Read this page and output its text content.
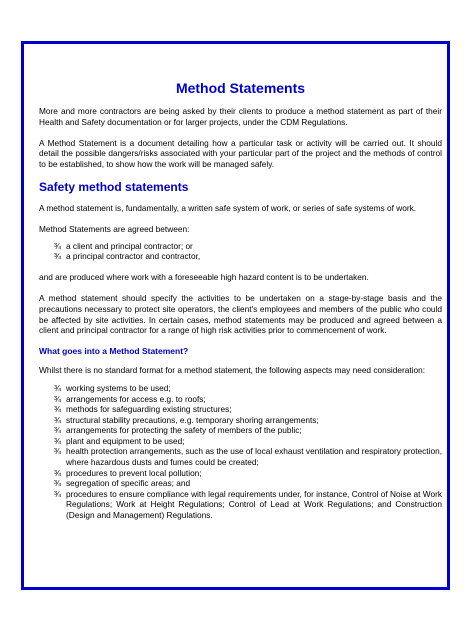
Method Statements

More and more contractors are being asked by their clients to produce a method statement as part of their Health and Safety documentation or for larger projects, under the CDM Regulations.

A Method Statement is a document detailing how a particular task or activity will be carried out. It should detail the possible dangers/risks associated with your particular part of the project and the methods of control to be established, to show how the work will be managed safely.

Safety method statements

A method statement is, fundamentally, a written safe system of work, or series of safe systems of work.

Method Statements are agreed between:

¾ a client and principal contractor; or
¾ a principal contractor and contractor,

and are produced where work with a foreseeable high hazard content is to be undertaken.

A method statement should specify the activities to be undertaken on a stage-by-stage basis and the precautions necessary to protect site operators, the client's employees and members of the public who could be affected by site activities. In certain cases, method statements may be produced and agreed between a client and principal contractor for a range of high risk activities prior to commencement of work.

What goes into a Method Statement?

Whilst there is no standard format for a method statement, the following aspects may need consideration:

¾ working systems to be used;
¾ arrangements for access e.g. to roofs;
¾ methods for safeguarding existing structures;
¾ structural stability precautions, e.g. temporary shoring arrangements;
¾ arrangements for protecting the safety of members of the public;
¾ plant and equipment to be used;
¾ health protection arrangements, such as the use of local exhaust ventilation and respiratory protection, where hazardous dusts and fumes could be created;
¾ procedures to prevent local pollution;
¾ segregation of specific areas; and
¾ procedures to ensure compliance with legal requirements under, for instance, Control of Noise at Work Regulations; Work at Height Regulations; Control of Lead at Work Regulations; and Construction (Design and Management) Regulations.
